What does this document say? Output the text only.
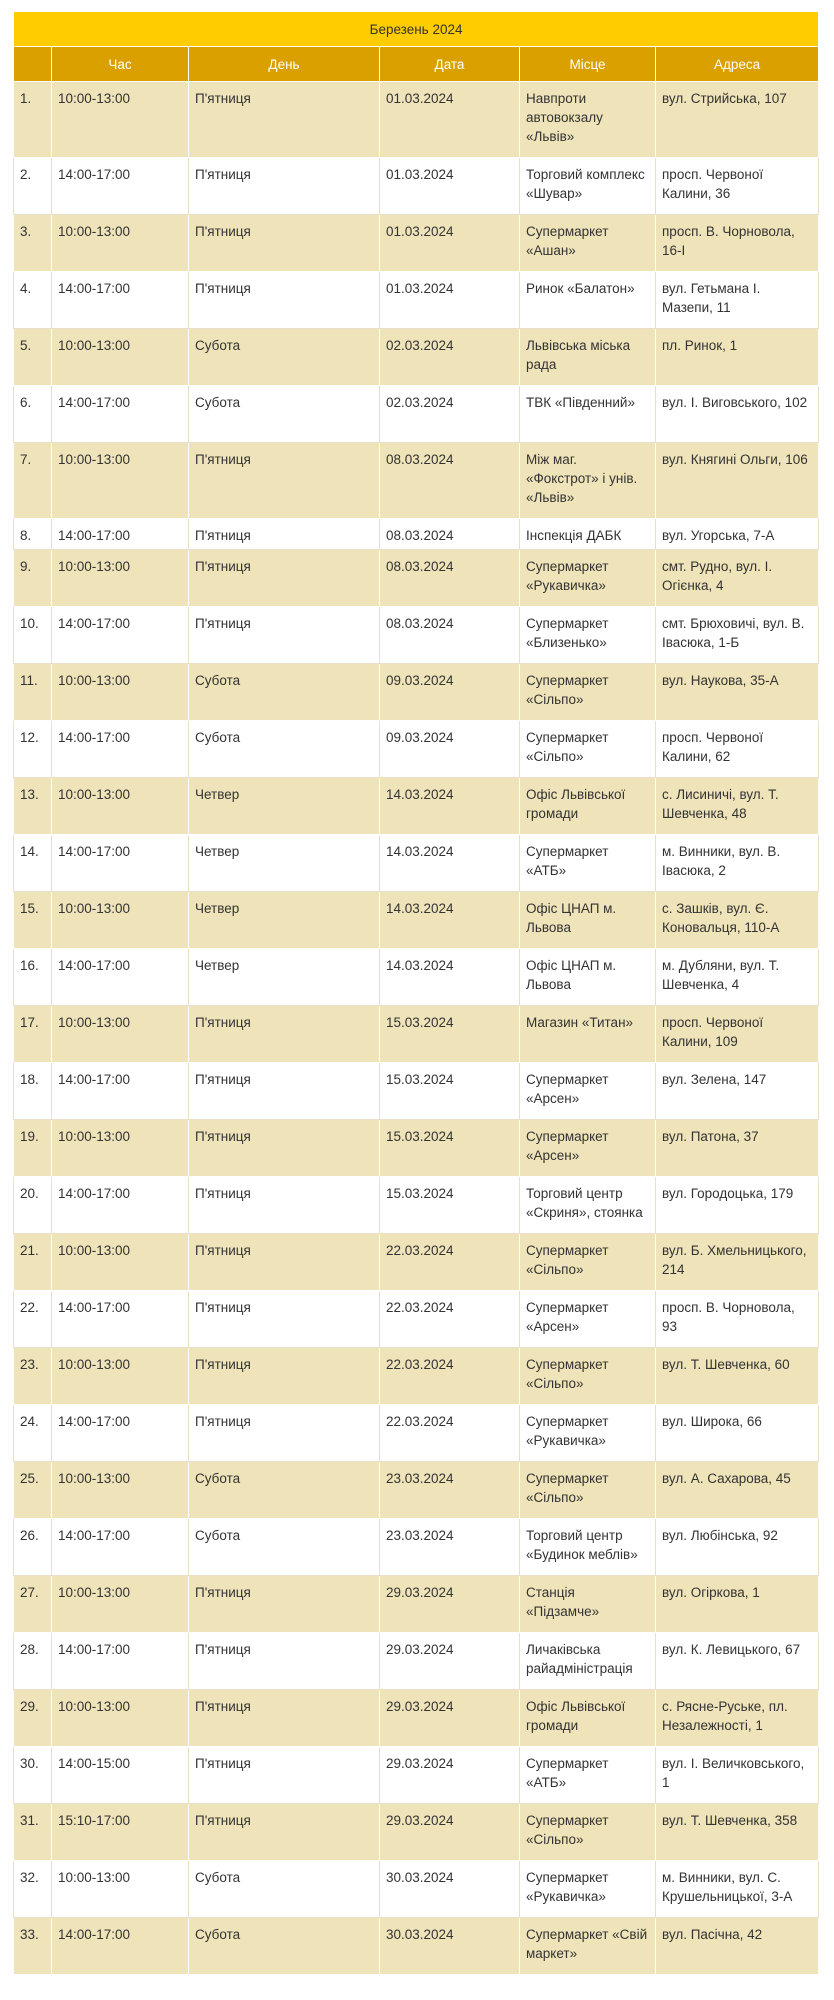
Березень 2024					
	Час	День	Дата	Місце	Адреса
1.	10:00-13:00	П'ятниця	01.03.2024	Навпроти автовокзалу «Львів»	вул. Стрийська, 107
2.	14:00-17:00	П'ятниця	01.03.2024	Торговий комплекс «Шувар»	просп. Червоної Калини, 36
3.	10:00-13:00	П'ятниця	01.03.2024	Супермаркет «Ашан»	просп. В. Чорновола, 16-І
4.	14:00-17:00	П'ятниця	01.03.2024	Ринок «Балатон»	вул. Гетьмана І. Мазепи, 11
5.	10:00-13:00	Субота	02.03.2024	Львівська міська рада	пл. Ринок, 1
6.	14:00-17:00	Субота	02.03.2024	ТВК «Південний»	вул. І. Виговського, 102
7.	10:00-13:00	П'ятниця	08.03.2024	Між маг. «Фокстрот» і унів. «Львів»	вул. Княгині Ольги, 106
8.	14:00-17:00	П'ятниця	08.03.2024	Інспекція ДАБК	вул. Угорська, 7-А
9.	10:00-13:00	П'ятниця	08.03.2024	Супермаркет «Рукавичка»	смт. Рудно, вул. І. Огієнка, 4
10.	14:00-17:00	П'ятниця	08.03.2024	Супермаркет «Близенько»	смт. Брюховичі, вул. В. Івасюка, 1-Б
11.	10:00-13:00	Субота	09.03.2024	Супермаркет «Сільпо»	вул. Наукова, 35-А
12.	14:00-17:00	Субота	09.03.2024	Супермаркет «Сільпо»	просп. Червоної Калини, 62
13.	10:00-13:00	Четвер	14.03.2024	Офіс Львівської громади	с. Лисиничі, вул. Т. Шевченка, 48
14.	14:00-17:00	Четвер	14.03.2024	Супермаркет «АТБ»	м. Винники, вул. В. Івасюка, 2
15.	10:00-13:00	Четвер	14.03.2024	Офіс ЦНАП м. Львова	с. Зашків, вул. Є. Коновальця, 110-А
16.	14:00-17:00	Четвер	14.03.2024	Офіс ЦНАП м. Львова	м. Дубляни, вул. Т. Шевченка, 4
17.	10:00-13:00	П'ятниця	15.03.2024	Магазин «Титан»	просп. Червоної Калини, 109
18.	14:00-17:00	П'ятниця	15.03.2024	Супермаркет «Арсен»	вул. Зелена, 147
19.	10:00-13:00	П'ятниця	15.03.2024	Супермаркет «Арсен»	вул. Патона, 37
20.	14:00-17:00	П'ятниця	15.03.2024	Торговий центр «Скриня», стоянка	вул. Городоцька, 179
21.	10:00-13:00	П'ятниця	22.03.2024	Супермаркет «Сільпо»	вул. Б. Хмельницького, 214
22.	14:00-17:00	П'ятниця	22.03.2024	Супермаркет «Арсен»	просп. В. Чорновола, 93
23.	10:00-13:00	П'ятниця	22.03.2024	Супермаркет «Сільпо»	вул. Т. Шевченка, 60
24.	14:00-17:00	П'ятниця	22.03.2024	Супермаркет «Рукавичка»	вул. Широка, 66
25.	10:00-13:00	Субота	23.03.2024	Супермаркет «Сільпо»	вул. А. Сахарова, 45
26.	14:00-17:00	Субота	23.03.2024	Торговий центр «Будинок меблів»	вул. Любінська, 92
27.	10:00-13:00	П'ятниця	29.03.2024	Станція «Підзамче»	вул. Огіркова, 1
28.	14:00-17:00	П'ятниця	29.03.2024	Личаківська райадміністрація	вул. К. Левицького, 67
29.	10:00-13:00	П'ятниця	29.03.2024	Офіс Львівської громади	с. Рясне-Руське, пл. Незалежності, 1
30.	14:00-15:00	П'ятниця	29.03.2024	Супермаркет «АТБ»	вул. І. Величковського, 1
31.	15:10-17:00	П'ятниця	29.03.2024	Супермаркет «Сільпо»	вул. Т. Шевченка, 358
32.	10:00-13:00	Субота	30.03.2024	Супермаркет «Рукавичка»	м. Винники, вул. С. Крушельницької, 3-А
33.	14:00-17:00	Субота	30.03.2024	Супермаркет «Свій маркет»	вул. Пасічна, 42
